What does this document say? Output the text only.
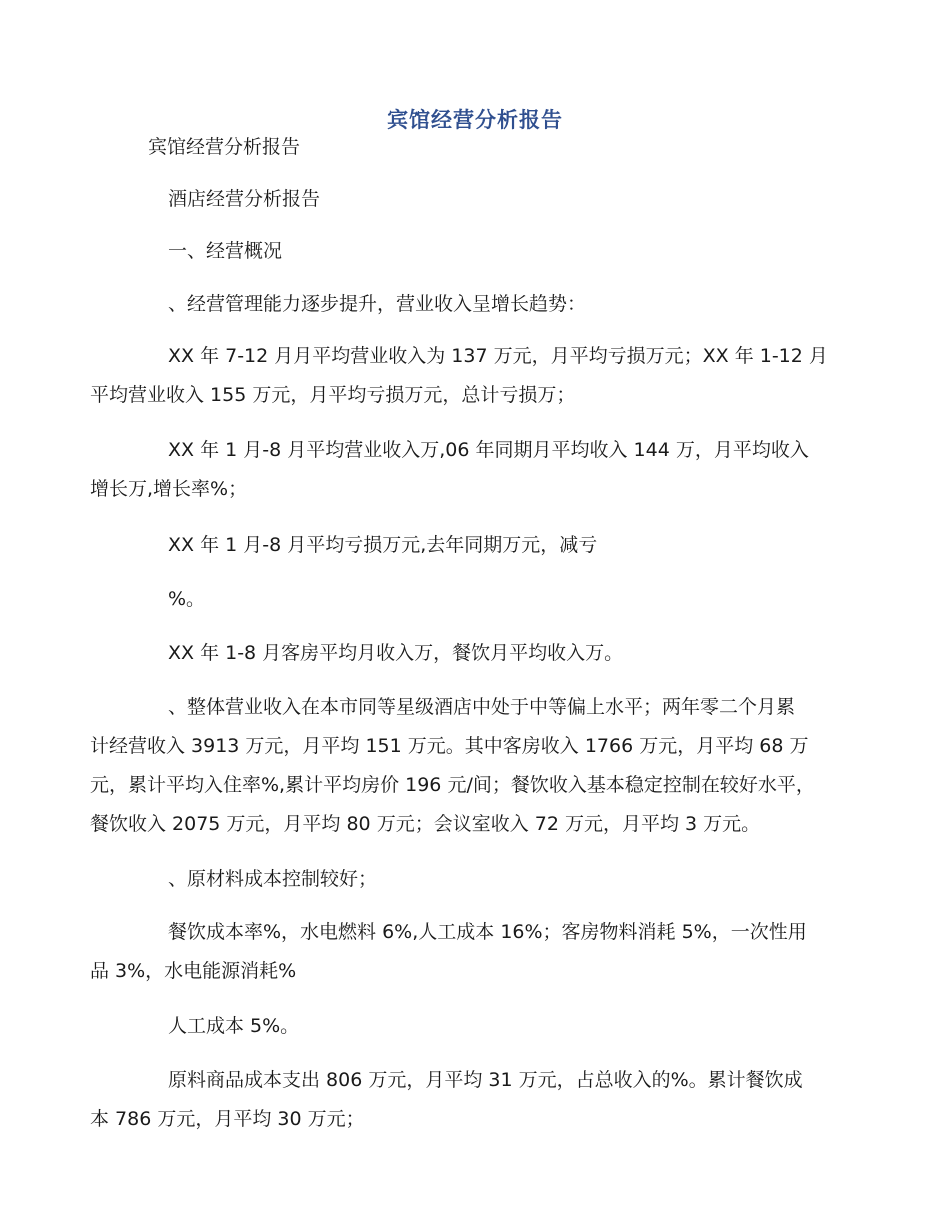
宾馆经营分析报告

宾馆经营分析报告

酒店经营分析报告

一、经营概况

、经营管理能力逐步提升，营业收入呈增长趋势：

XX 年 7-12 月月平均营业收入为 137 万元，月平均亏损万元；XX 年 1-12 月

平均营业收入 155 万元，月平均亏损万元，总计亏损万；

XX 年 1 月-8 月平均营业收入万,06 年同期月平均收入 144 万，月平均收入

增长万,增长率%；

XX 年 1 月-8 月平均亏损万元,去年同期万元，减亏

%。

XX 年 1-8 月客房平均月收入万，餐饮月平均收入万。

、整体营业收入在本市同等星级酒店中处于中等偏上水平；两年零二个月累

计经营收入 3913 万元，月平均 151 万元。其中客房收入 1766 万元，月平均 68 万

元，累计平均入住率%,累计平均房价 196 元/间；餐饮收入基本稳定控制在较好水平，

餐饮收入 2075 万元，月平均 80 万元；会议室收入 72 万元，月平均 3 万元。

、原材料成本控制较好；

餐饮成本率%，水电燃料 6%,人工成本 16%；客房物料消耗 5%，一次性用

品 3%，水电能源消耗%

人工成本 5%。

原料商品成本支出 806 万元，月平均 31 万元，占总收入的%。累计餐饮成

本 786 万元，月平均 30 万元；
